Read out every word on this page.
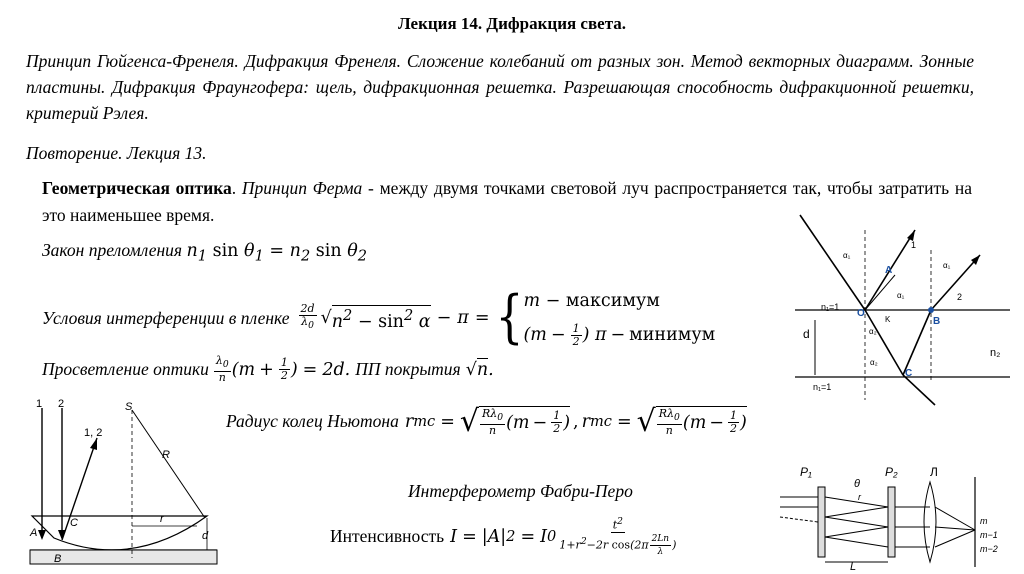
Лекция 14. Дифракция света.
Принцип Гюйгенса-Френеля. Дифракция Френеля. Сложение колебаний от разных зон. Метод векторных диаграмм. Зонные пластины. Дифракция Фраунгофера: щель, дифракционная решетка. Разрешающая способность дифракционной решетки, критерий Рэлея.
Повторение. Лекция 13.
Геометрическая оптика. Принцип Ферма - между двумя точками световой луч распространяется так, чтобы затратить на это наименьшее время.
Закон преломления $n_1$ $\sin \theta_1 = n_2$ $\sin \theta_2$
Условия интерференции в пленке $\frac{2d}{\lambda_0}$ √ $n^2 - \sin^2 \alpha - \pi$ = { m − максимум
($m - \frac{1}{2}$ ) π − минимум
Просветление оптики $\frac{\lambda_0}{n} (m + \frac{1}{2}$ ) = 2d. ПП покрытия √n.
Радиус колец Ньютона r mc = √ $\frac{R\lambda_0}{n} (m - \frac{1}{2}$ ) , r mc = √ $\frac{R\lambda_0}{n} (m - \frac{1}{2}$ )
Интерферометр Фабри-Перо
Интенсивность I = |A| 2 = I $0 \frac{t^2}{1+r^2-2r \cos(2\pi \frac{2Ln}{\lambda} )}$
n₁=1
d
n₁=1
n₂
O
B
C
A
K
1
2
α₁
α₁
α₁
α₂
α₂
1 2
1, 2
S
R
A
C
B
r
d
P₁	P₂	Л
θ
r
L
m
m−1
m−2
